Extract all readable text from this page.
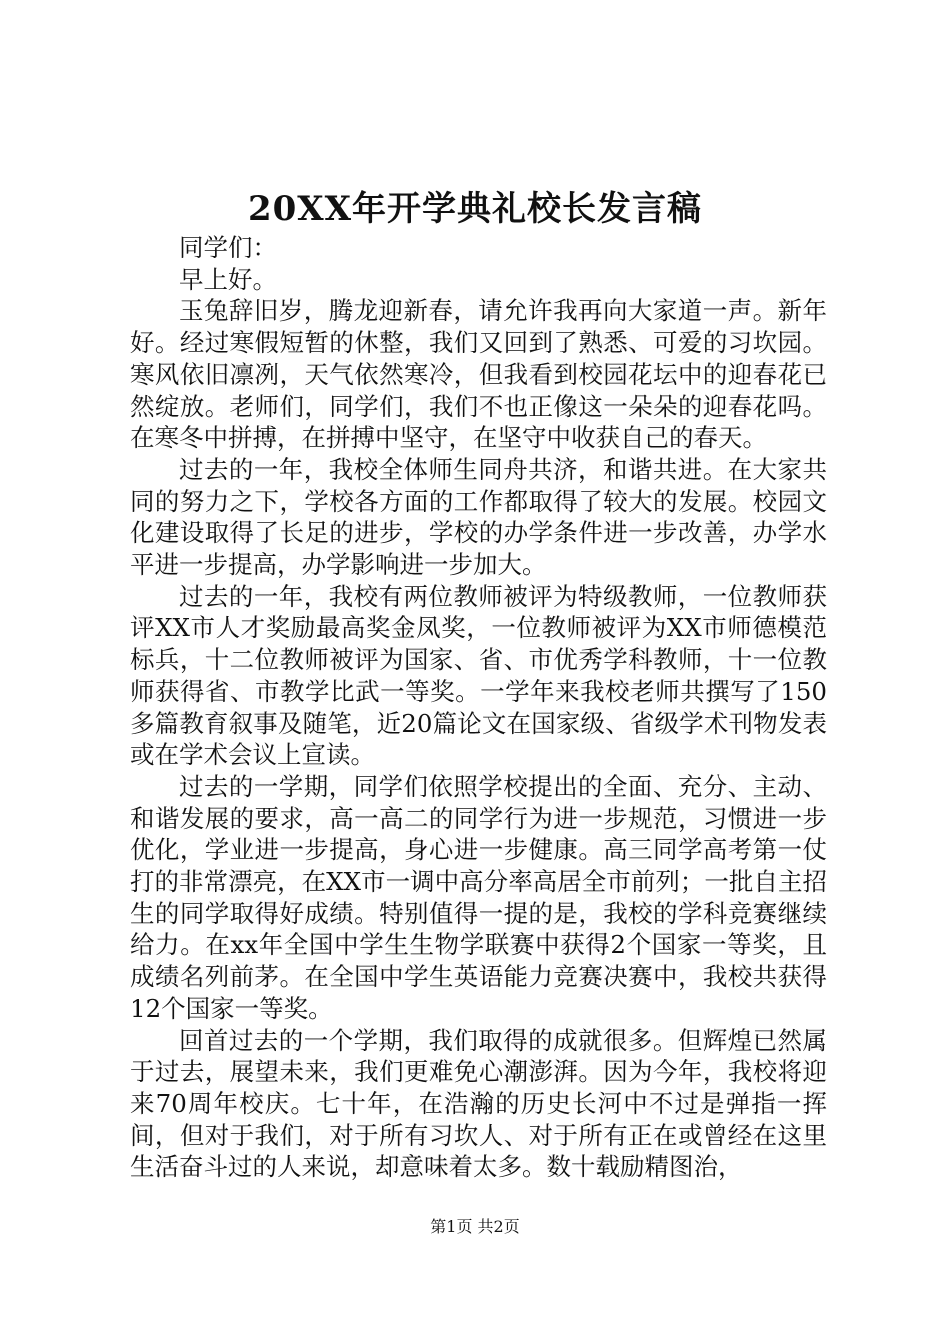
20XX年开学典礼校长发言稿

同学们：

早上好。

玉兔辞旧岁，腾龙迎新春，请允许我再向大家道一声。新年好。经过寒假短暂的休整，我们又回到了熟悉、可爱的习坎园。寒风依旧凛冽，天气依然寒冷，但我看到校园花坛中的迎春花已然绽放。老师们，同学们，我们不也正像这一朵朵的迎春花吗。在寒冬中拼搏，在拼搏中坚守，在坚守中收获自己的春天。

过去的一年，我校全体师生同舟共济，和谐共进。在大家共同的努力之下，学校各方面的工作都取得了较大的发展。校园文化建设取得了长足的进步，学校的办学条件进一步改善，办学水平进一步提高，办学影响进一步加大。

过去的一年，我校有两位教师被评为特级教师，一位教师获评XX市人才奖励最高奖金凤奖，一位教师被评为XX市师德模范标兵，十二位教师被评为国家、省、市优秀学科教师，十一位教师获得省、市教学比武一等奖。一学年来我校老师共撰写了150多篇教育叙事及随笔，近20篇论文在国家级、省级学术刊物发表或在学术会议上宣读。

过去的一学期，同学们依照学校提出的全面、充分、主动、和谐发展的要求，高一高二的同学行为进一步规范，习惯进一步优化，学业进一步提高，身心进一步健康。高三同学高考第一仗打的非常漂亮，在XX市一调中高分率高居全市前列；一批自主招生的同学取得好成绩。特别值得一提的是，我校的学科竞赛继续给力。在xx年全国中学生生物学联赛中获得2个国家一等奖，且成绩名列前茅。在全国中学生英语能力竞赛决赛中，我校共获得12个国家一等奖。

回首过去的一个学期，我们取得的成就很多。但辉煌已然属于过去，展望未来，我们更难免心潮澎湃。因为今年，我校将迎来70周年校庆。七十年，在浩瀚的历史长河中不过是弹指一挥间，但对于我们，对于所有习坎人、对于所有正在或曾经在这里生活奋斗过的人来说，却意味着太多。数十载励精图治，

第1页 共2页
